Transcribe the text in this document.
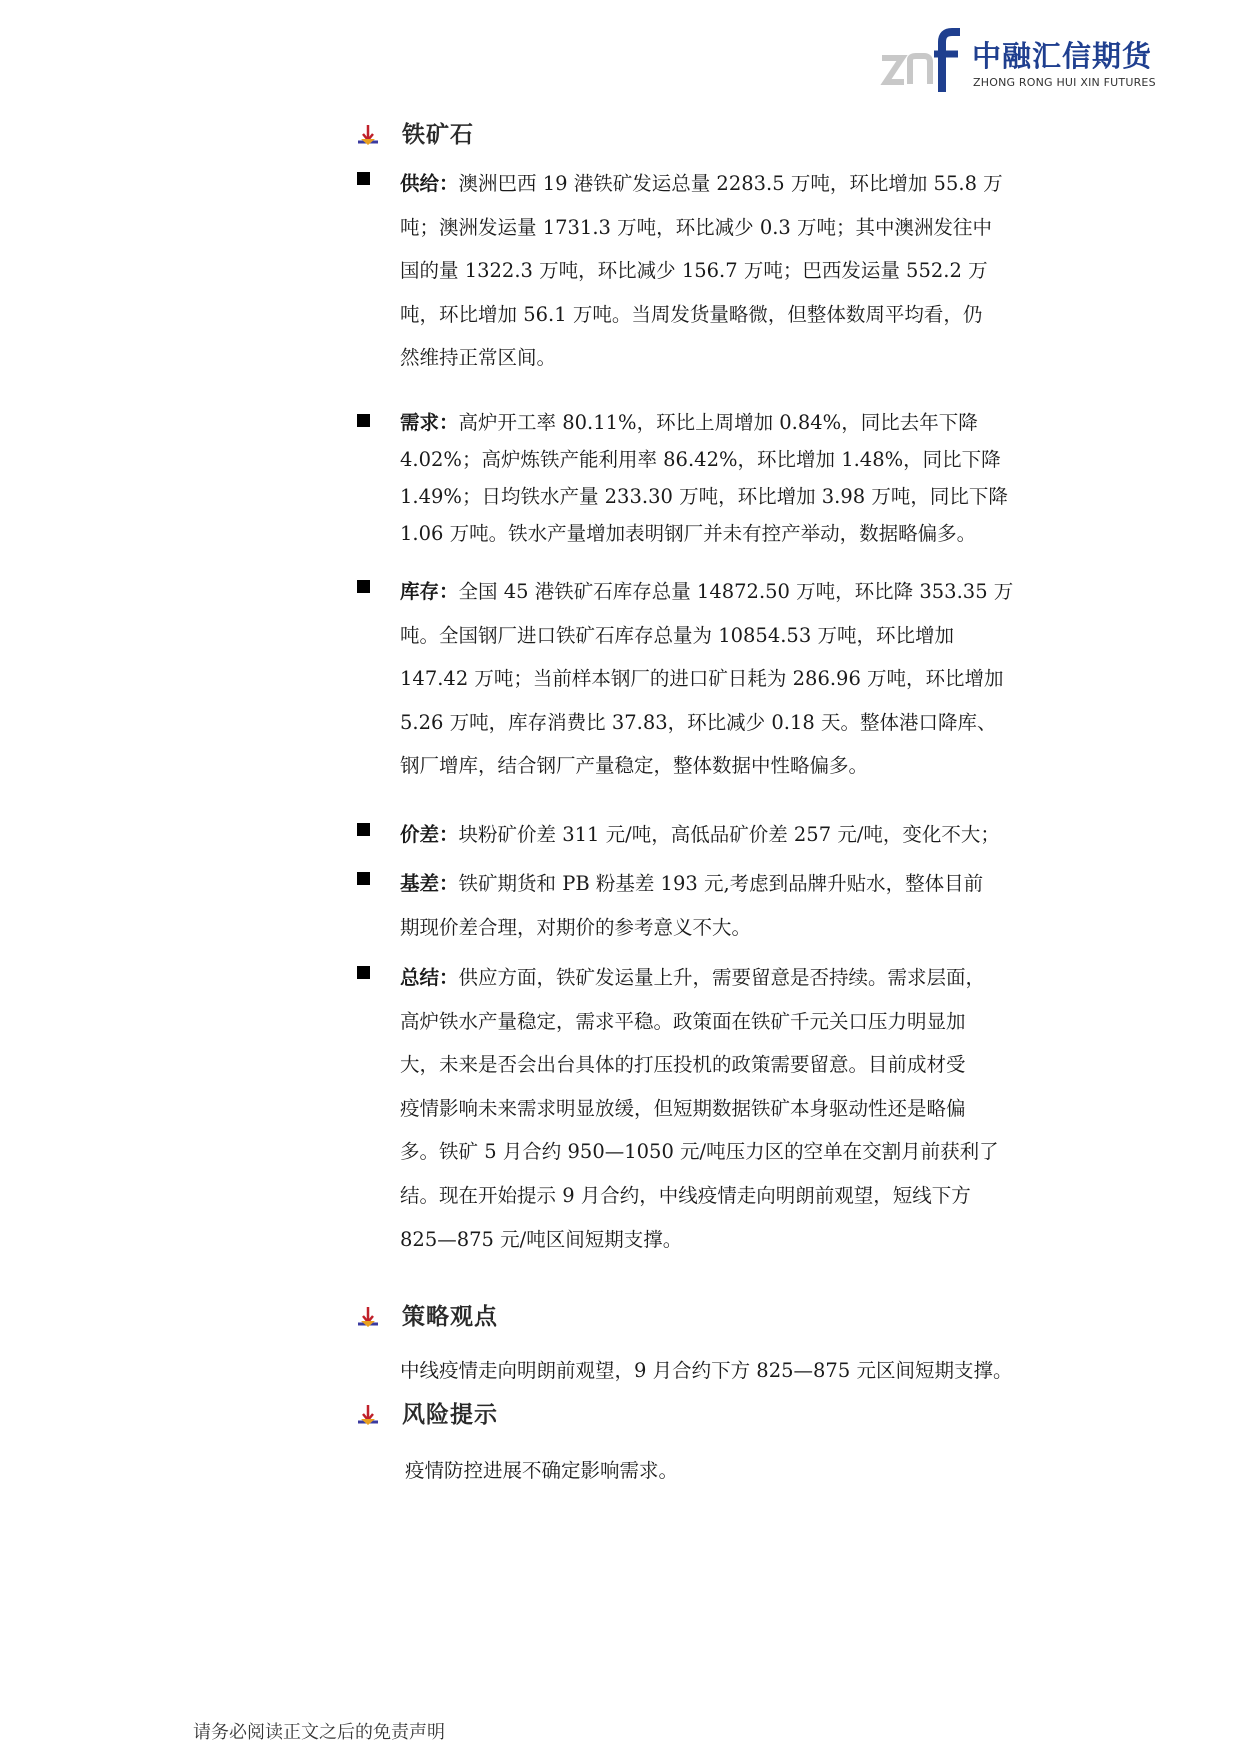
中融汇信期货
ZHONG RONG HUI XIN FUTURES
铁矿石
供给：澳洲巴西 19 港铁矿发运总量 2283.5 万吨，环比增加 55.8 万
吨；澳洲发运量 1731.3 万吨，环比减少 0.3 万吨；其中澳洲发往中
国的量 1322.3 万吨，环比减少 156.7 万吨；巴西发运量 552.2 万
吨，环比增加 56.1 万吨。当周发货量略微，但整体数周平均看，仍
然维持正常区间。
需求：高炉开工率 80.11%，环比上周增加 0.84%，同比去年下降
4.02%；高炉炼铁产能利用率 86.42%，环比增加 1.48%，同比下降
1.49%；日均铁水产量 233.30 万吨，环比增加 3.98 万吨，同比下降
1.06 万吨。铁水产量增加表明钢厂并未有控产举动，数据略偏多。
库存：全国 45 港铁矿石库存总量 14872.50 万吨，环比降 353.35 万
吨。全国钢厂进口铁矿石库存总量为 10854.53 万吨，环比增加
147.42 万吨；当前样本钢厂的进口矿日耗为 286.96 万吨，环比增加
5.26 万吨，库存消费比 37.83，环比减少 0.18 天。整体港口降库、
钢厂增库，结合钢厂产量稳定，整体数据中性略偏多。
价差：块粉矿价差 311 元/吨，高低品矿价差 257 元/吨，变化不大；
基差：铁矿期货和 PB 粉基差 193 元,考虑到品牌升贴水，整体目前
期现价差合理，对期价的参考意义不大。
总结：供应方面，铁矿发运量上升，需要留意是否持续。需求层面，
高炉铁水产量稳定，需求平稳。政策面在铁矿千元关口压力明显加
大，未来是否会出台具体的打压投机的政策需要留意。目前成材受
疫情影响未来需求明显放缓，但短期数据铁矿本身驱动性还是略偏
多。铁矿 5 月合约 950—1050 元/吨压力区的空单在交割月前获利了
结。现在开始提示 9 月合约，中线疫情走向明朗前观望，短线下方
825—875 元/吨区间短期支撑。
策略观点
中线疫情走向明朗前观望，9 月合约下方 825—875 元区间短期支撑。
风险提示
疫情防控进展不确定影响需求。
请务必阅读正文之后的免责声明
